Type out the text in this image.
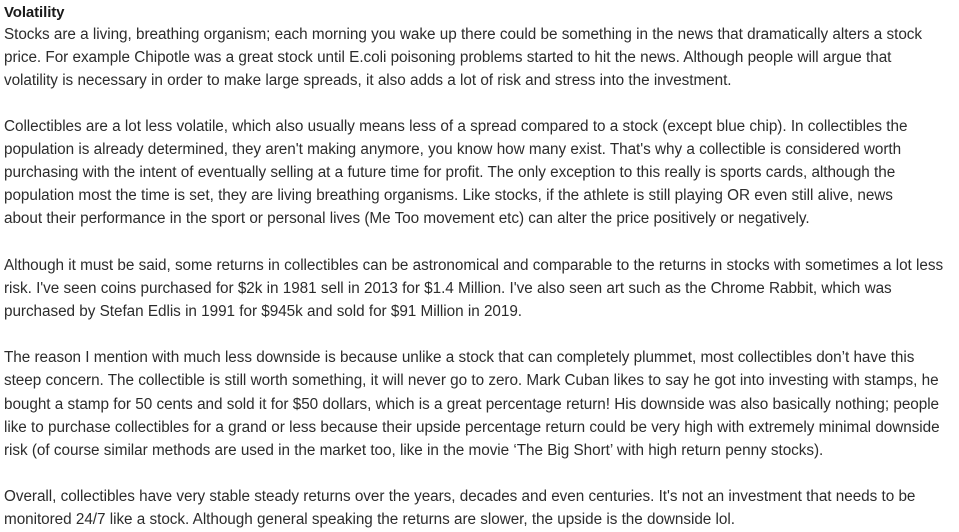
Volatility

Stocks are a living, breathing organism; each morning you wake up there could be something in the news that dramatically alters a stock price. For example Chipotle was a great stock until E.coli poisoning problems started to hit the news. Although people will argue that volatility is necessary in order to make large spreads, it also adds a lot of risk and stress into the investment.

Collectibles are a lot less volatile, which also usually means less of a spread compared to a stock (except blue chip). In collectibles the population is already determined, they aren't making anymore, you know how many exist. That's why a collectible is considered worth purchasing with the intent of eventually selling at a future time for profit. The only exception to this really is sports cards, although the population most the time is set, they are living breathing organisms. Like stocks, if the athlete is still playing OR even still alive, news about their performance in the sport or personal lives (Me Too movement etc) can alter the price positively or negatively.

Although it must be said, some returns in collectibles can be astronomical and comparable to the returns in stocks with sometimes a lot less risk. I've seen coins purchased for $2k in 1981 sell in 2013 for $1.4 Million. I've also seen art such as the Chrome Rabbit, which was purchased by Stefan Edlis in 1991 for $945k and sold for $91 Million in 2019.

The reason I mention with much less downside is because unlike a stock that can completely plummet, most collectibles don’t have this steep concern. The collectible is still worth something, it will never go to zero. Mark Cuban likes to say he got into investing with stamps, he bought a stamp for 50 cents and sold it for $50 dollars, which is a great percentage return! His downside was also basically nothing; people like to purchase collectibles for a grand or less because their upside percentage return could be very high with extremely minimal downside risk (of course similar methods are used in the market too, like in the movie ‘The Big Short’ with high return penny stocks).

Overall, collectibles have very stable steady returns over the years, decades and even centuries. It's not an investment that needs to be monitored 24/7 like a stock. Although general speaking the returns are slower, the upside is the downside lol.
